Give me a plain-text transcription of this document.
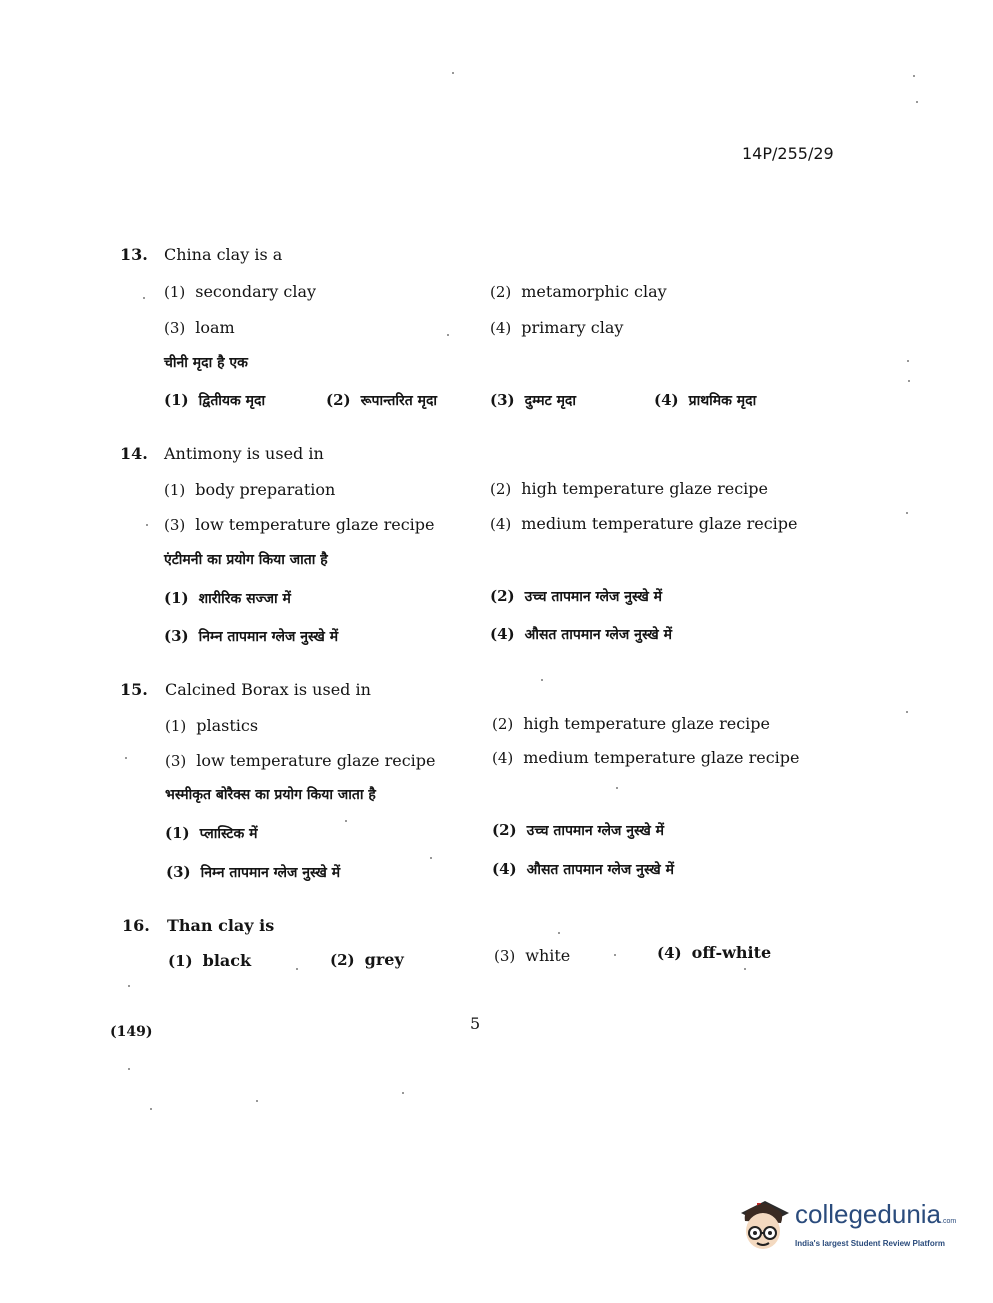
14P/255/29
13. China clay is a
(1) secondary clay	(2) metamorphic clay
(3) loam	(4) primary clay
चीनी मृदा है एक
(1) द्वितीयक मृदा	(2) रूपान्तरित मृदा	(3) दुम्मट मृदा	(4) प्राथमिक मृदा
14. Antimony is used in
(1) body preparation	(2) high temperature glaze recipe
(3) low temperature glaze recipe	(4) medium temperature glaze recipe
एंटीमनी का प्रयोग किया जाता है
(1) शारीरिक सज्जा में	(2) उच्च तापमान ग्लेज नुस्खे में
(3) निम्न तापमान ग्लेज नुस्खे में	(4) औसत तापमान ग्लेज नुस्खे में
15. Calcined Borax is used in
(1) plastics	(2) high temperature glaze recipe
(3) low temperature glaze recipe	(4) medium temperature glaze recipe
भस्मीकृत बोरैक्स का प्रयोग किया जाता है
(1) प्लास्टिक में	(2) उच्च तापमान ग्लेज नुस्खे में
(3) निम्न तापमान ग्लेज नुस्खे में	(4) औसत तापमान ग्लेज नुस्खे में
16. Than clay is
(1) black	(2) grey	(3) white	(4) off-white
5
(149)
collegedunia.com
India's largest Student Review Platform
